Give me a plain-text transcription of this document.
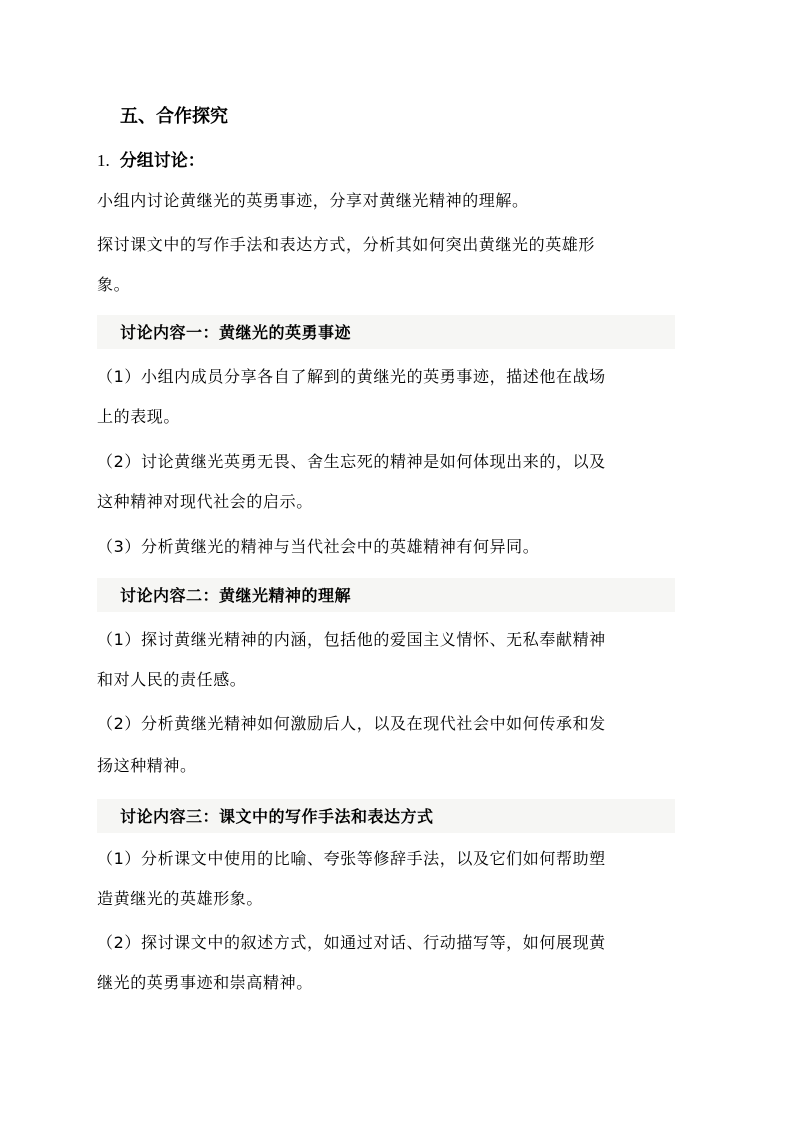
五、合作探究
1. 分组讨论：
小组内讨论黄继光的英勇事迹，分享对黄继光精神的理解。
探讨课文中的写作手法和表达方式，分析其如何突出黄继光的英雄形
象。
讨论内容一：黄继光的英勇事迹
（1）小组内成员分享各自了解到的黄继光的英勇事迹，描述他在战场
上的表现。
（2）讨论黄继光英勇无畏、舍生忘死的精神是如何体现出来的，以及
这种精神对现代社会的启示。
（3）分析黄继光的精神与当代社会中的英雄精神有何异同。
讨论内容二：黄继光精神的理解
（1）探讨黄继光精神的内涵，包括他的爱国主义情怀、无私奉献精神
和对人民的责任感。
（2）分析黄继光精神如何激励后人，以及在现代社会中如何传承和发
扬这种精神。
讨论内容三：课文中的写作手法和表达方式
（1）分析课文中使用的比喻、夸张等修辞手法，以及它们如何帮助塑
造黄继光的英雄形象。
（2）探讨课文中的叙述方式，如通过对话、行动描写等，如何展现黄
继光的英勇事迹和崇高精神。
